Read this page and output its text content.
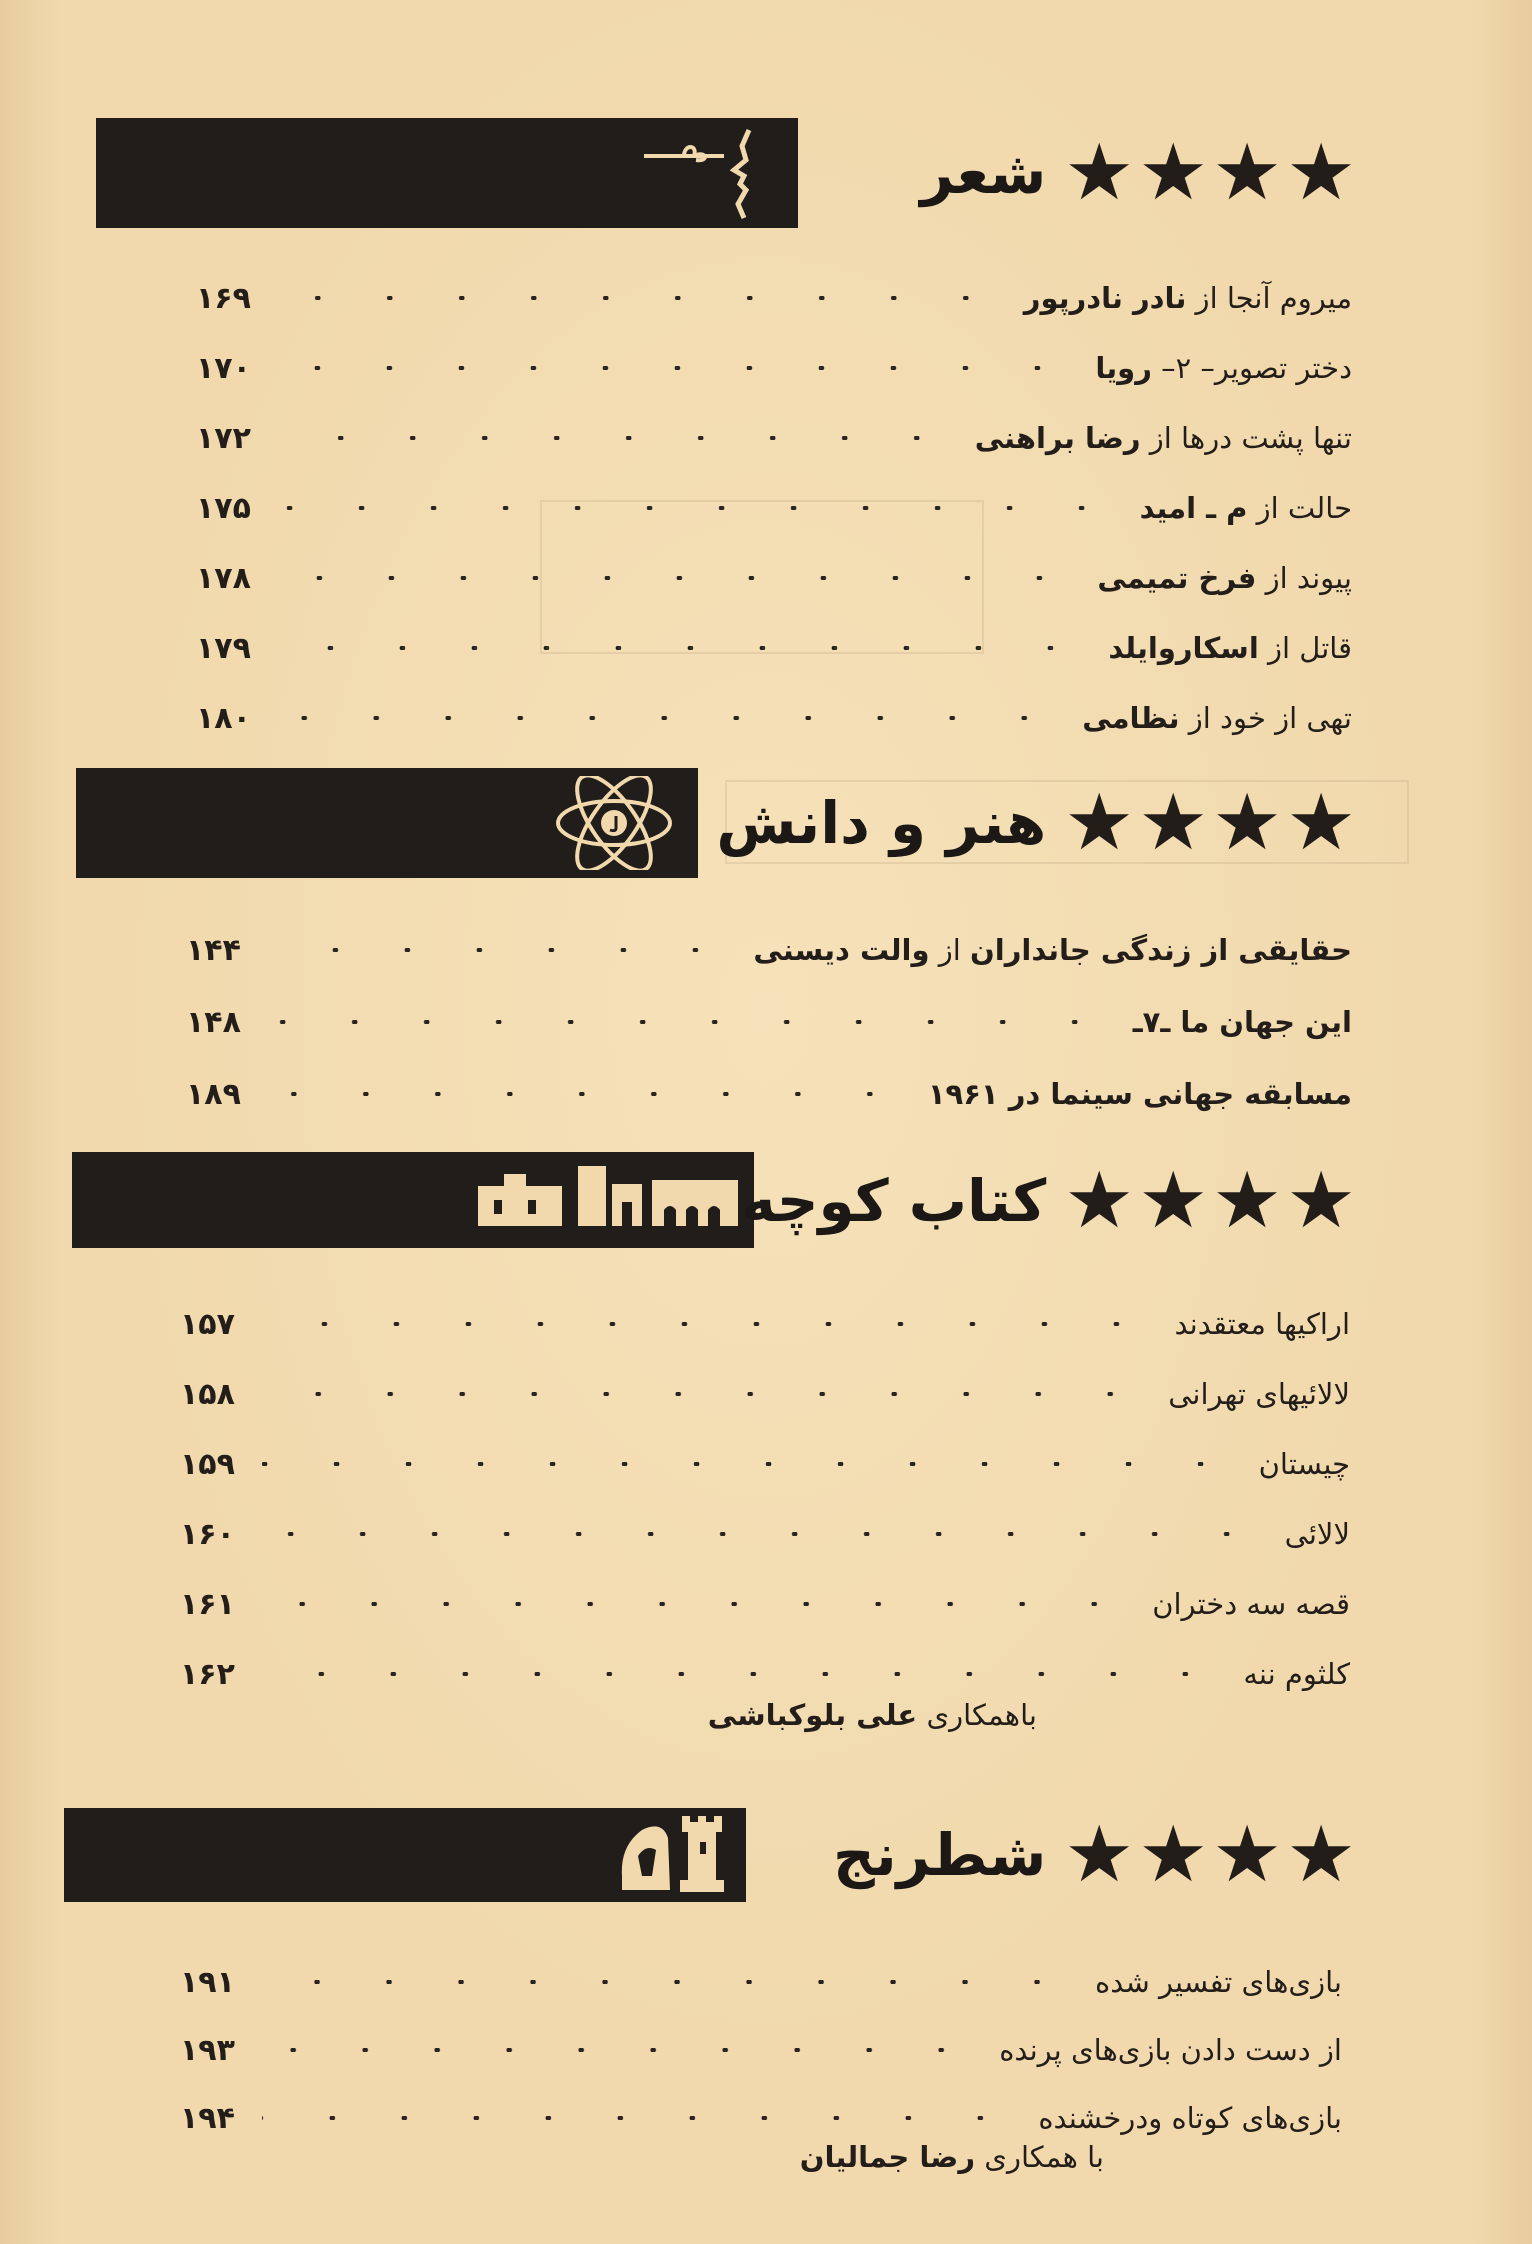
★
★
★
★
شعر
میروم آنجا از نادر نادرپور
۱۶۹
دختر تصویر– ۲– رویا
۱۷۰
تنها پشت درها از رضا براهنی
۱۷۲
حالت از م ـ امید
۱۷۵
پیوند از فرخ تمیمی
۱۷۸
قاتل از اسکاروایلد
۱۷۹
تهی از خود از نظامی
۱۸۰
★
★
★
★
هنر و دانش
حقایقی از زندگی جانداران از والت دیسنی
۱۴۴
این جهان ما ـ۷ـ
۱۴۸
مسابقه جهانی سینما در ۱۹۶۱
۱۸۹
★
★
★
★
کتاب کوچه
اراکیها معتقدند
۱۵۷
لالائیهای تهرانی
۱۵۸
چیستان
۱۵۹
لالائی
۱۶۰
قصه سه دختران
۱۶۱
کلثوم ننه
۱۶۲
باهمکاری علی بلوکباشی
★
★
★
★
شطرنج
بازی‌های تفسیر شده
۱۹۱
از دست دادن بازی‌های پرنده
۱۹۳
بازی‌های کوتاه ودرخشنده
۱۹۴
با همکاری رضا جمالیان
